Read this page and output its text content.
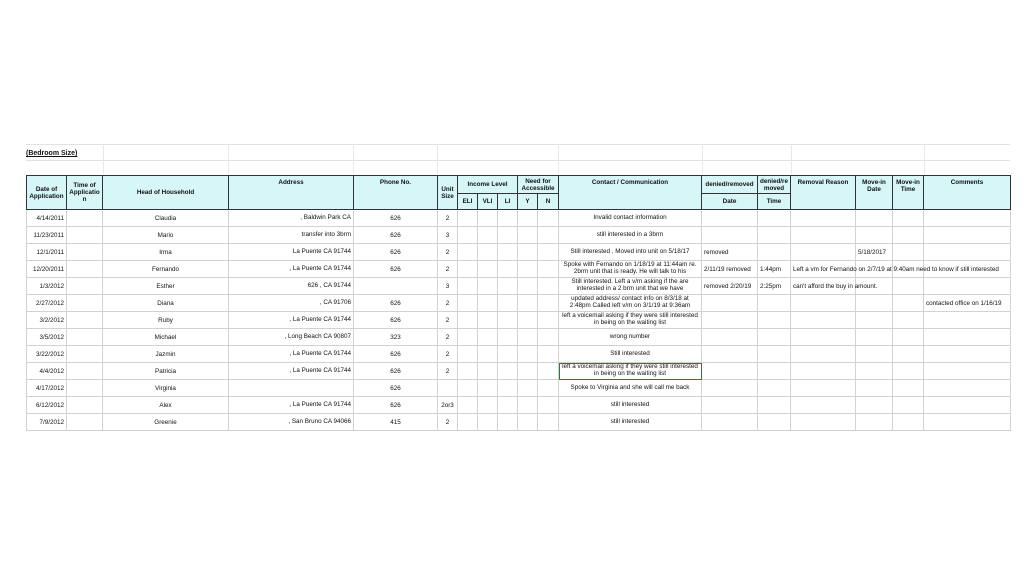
(Bedroom Size)
Date of Application	Time of Applicatio n	Head of Household	Address	Phone No.	Unit Size	Income Level			Need for Accessible		Contact / Communication	denied/removed	denied/re moved	Removal Reason	Move-in Date	Move-in Time	Comments
						ELI	VLI	LI	Y	N		Date	Time				
4/14/2011		Claudia	, Baldwin Park CA	626	2						Invalid contact information						
11/23/2011		Mario	transfer into 3brm	626	3						still interested in a 3brm						
12/1/2011		Irma	La Puente CA 91744	626	2						Still interested . Moved into unit on 5/18/17	removed			5/18/2017		
12/20/2011		Fernando	, La Puente CA 91744	626	2						Spoke with Fernando on 1/18/19 at 11:44am re. 2brm unit that is ready. He will talk to his	2/11/19 removed	1:44pm	Left a vm for Fernando on 2/7/19 at 9:40am need to know if still interested			
1/3/2012		Esther	626 , CA 91744		3						Still interested. Left a v/m asking if the are interested in a 2 brm unit that we have	removed 2/20/19	2:25pm	can't afford the buy in amount.			
2/27/2012		Diana	, CA 91706	626	2						updated address/ contact info on 8/3/18 at 2:48pm Called left v/m on 3/1/19 at 9:36am						contacted office on 1/16/19
3/2/2012		Ruby	, La Puente CA 91744	626	2						left a voicemail asking if they were still interested in being on the waiting list						
3/5/2012		Michael	, Long Beach CA 90807	323	2						wrong number						
3/22/2012		Jazmin	, La Puente CA 91744	626	2						Still interested						
4/4/2012		Patricia	, La Puente CA 91744	626	2						left a voicemail asking if they were still interested in being on the waiting list						
4/17/2012		Virginia		626							Spoke to Virginia and she will call me back						
6/12/2012		Alex	, La Puente CA 91744	626	2or3						still interested						
7/9/2012		Greenie	, San Bruno CA 94066	415	2						still interested						
